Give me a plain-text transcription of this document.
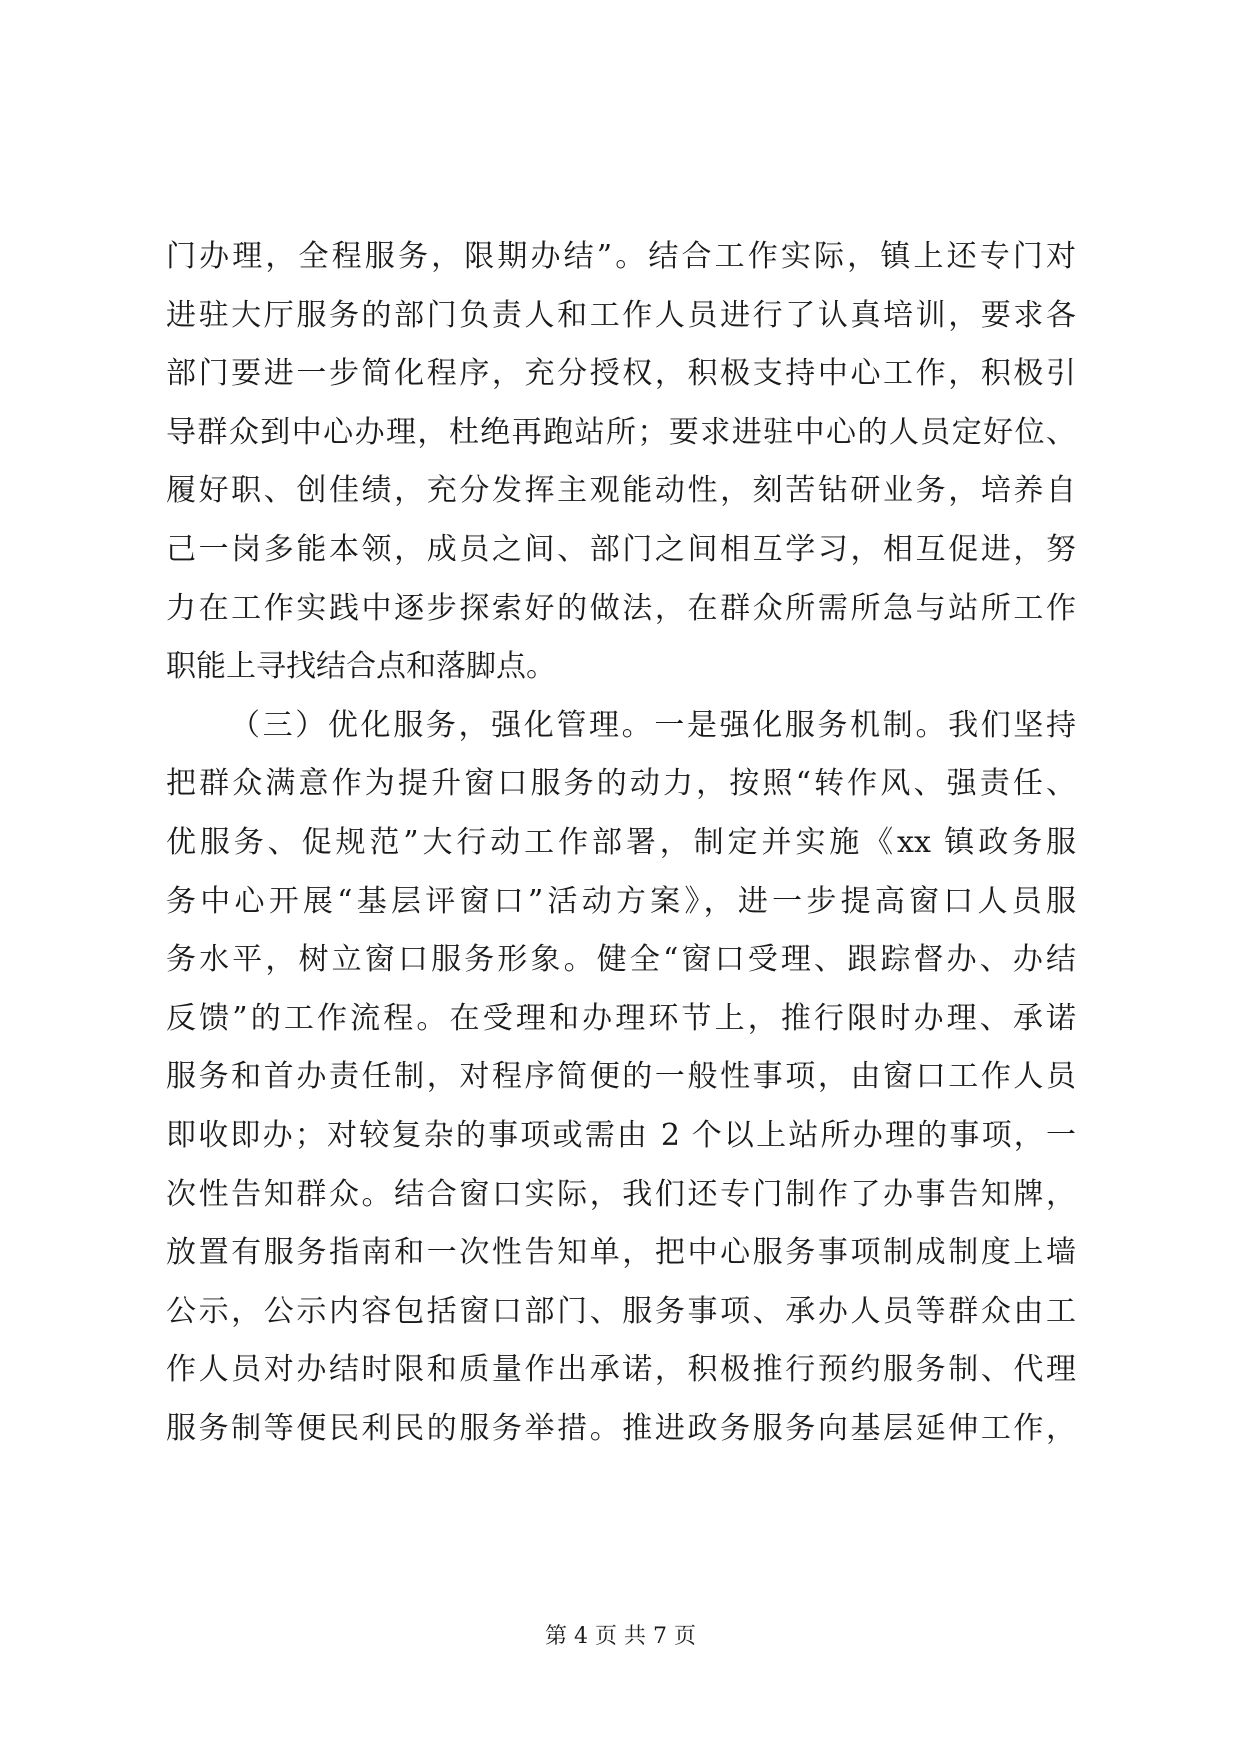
门办理，全程服务，限期办结”。结合工作实际，镇上还专门对
进驻大厅服务的部门负责人和工作人员进行了认真培训，要求各
部门要进一步简化程序，充分授权，积极支持中心工作，积极引
导群众到中心办理，杜绝再跑站所；要求进驻中心的人员定好位、
履好职、创佳绩，充分发挥主观能动性，刻苦钻研业务，培养自
己一岗多能本领，成员之间、部门之间相互学习，相互促进，努
力在工作实践中逐步探索好的做法，在群众所需所急与站所工作
职能上寻找结合点和落脚点。
（三）优化服务，强化管理。一是强化服务机制。我们坚持
把群众满意作为提升窗口服务的动力，按照“转作风、强责任、
优服务、促规范”大行动工作部署，制定并实施《xx 镇政务服
务中心开展“基层评窗口”活动方案》，进一步提高窗口人员服
务水平，树立窗口服务形象。健全“窗口受理、跟踪督办、办结
反馈”的工作流程。在受理和办理环节上，推行限时办理、承诺
服务和首办责任制，对程序简便的一般性事项，由窗口工作人员
即收即办；对较复杂的事项或需由 2 个以上站所办理的事项，一
次性告知群众。结合窗口实际，我们还专门制作了办事告知牌，
放置有服务指南和一次性告知单，把中心服务事项制成制度上墙
公示，公示内容包括窗口部门、服务事项、承办人员等群众由工
作人员对办结时限和质量作出承诺，积极推行预约服务制、代理
服务制等便民利民的服务举措。推进政务服务向基层延伸工作，
第 4 页 共 7 页
